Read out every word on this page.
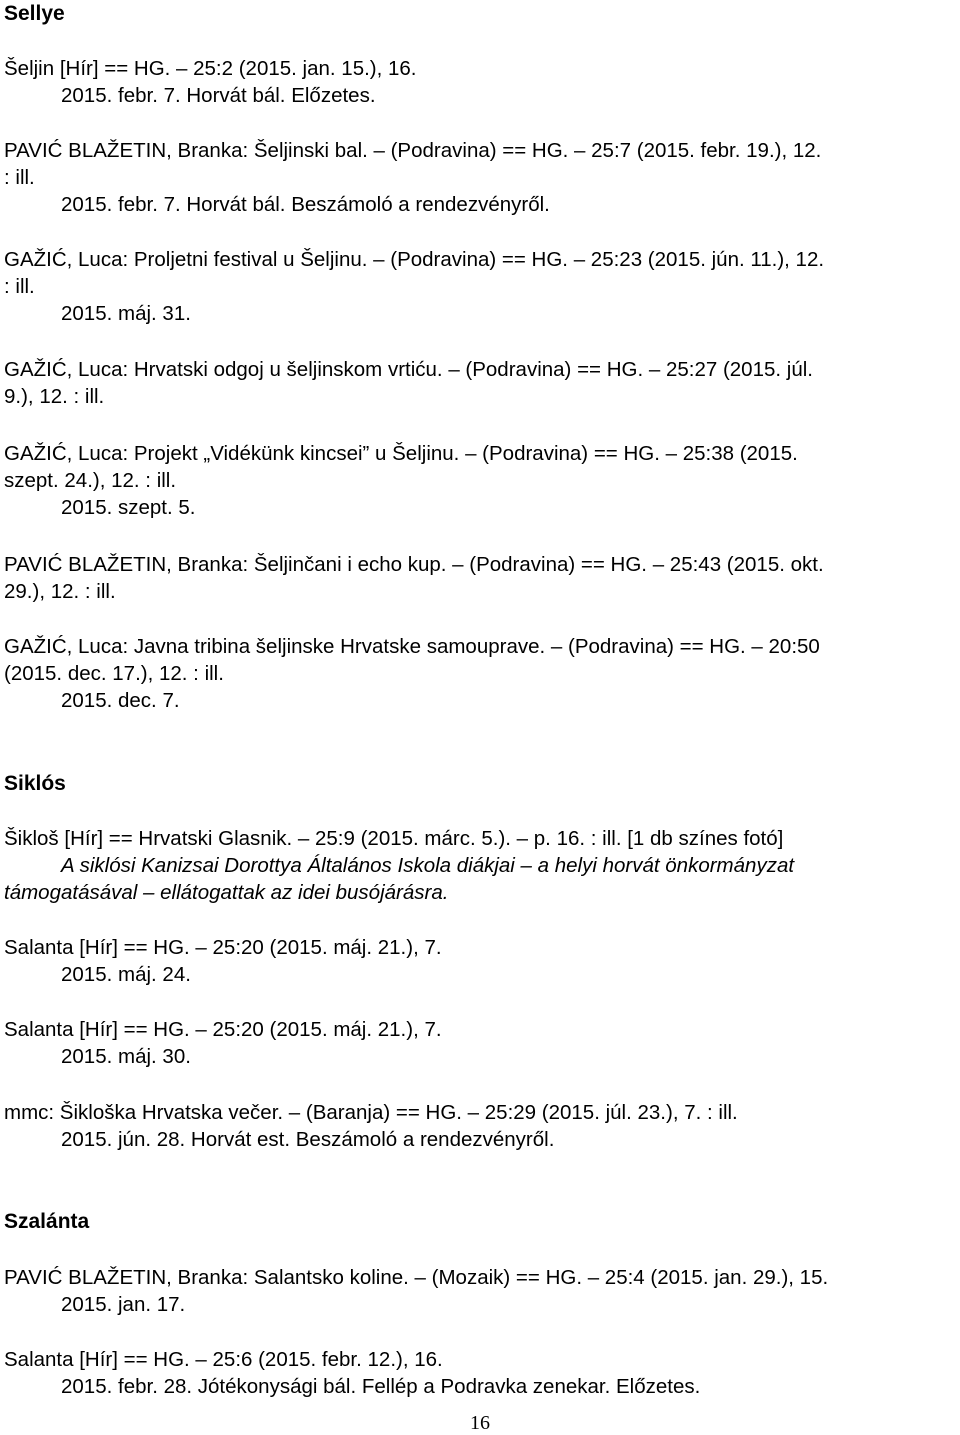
Sellye
Šeljin [Hír] == HG. – 25:2 (2015. jan. 15.), 16.
2015. febr. 7. Horvát bál. Előzetes.
PAVIĆ BLAŽETIN, Branka: Šeljinski bal. – (Podravina) == HG. – 25:7 (2015. febr. 19.), 12.
: ill.
2015. febr. 7. Horvát bál. Beszámoló a rendezvényről.
GAŽIĆ, Luca: Proljetni festival u Šeljinu. – (Podravina) == HG. – 25:23 (2015. jún. 11.), 12.
: ill.
2015. máj. 31.
GAŽIĆ, Luca: Hrvatski odgoj u šeljinskom vrtiću. – (Podravina) == HG. – 25:27 (2015. júl.
9.), 12. : ill.
GAŽIĆ, Luca: Projekt „Vidékünk kincsei” u Šeljinu. – (Podravina) == HG. – 25:38 (2015.
szept. 24.), 12. : ill.
2015. szept. 5.
PAVIĆ BLAŽETIN, Branka: Šeljinčani i echo kup. – (Podravina) == HG. – 25:43 (2015. okt.
29.), 12. : ill.
GAŽIĆ, Luca: Javna tribina šeljinske Hrvatske samouprave. – (Podravina) == HG. – 20:50
(2015. dec. 17.), 12. : ill.
2015. dec. 7.
Siklós
Šikloš [Hír] == Hrvatski Glasnik. – 25:9 (2015. márc. 5.). – p. 16. : ill. [1 db színes fotó]
A siklósi Kanizsai Dorottya Általános Iskola diákjai – a helyi horvát önkormányzat
támogatásával – ellátogattak az idei busójárásra.
Salanta [Hír] == HG. – 25:20 (2015. máj. 21.), 7.
2015. máj. 24.
Salanta [Hír] == HG. – 25:20 (2015. máj. 21.), 7.
2015. máj. 30.
mmc: Šikloška Hrvatska večer. – (Baranja) == HG. – 25:29 (2015. júl. 23.), 7. : ill.
2015. jún. 28. Horvát est. Beszámoló a rendezvényről.
Szalánta
PAVIĆ BLAŽETIN, Branka: Salantsko koline. – (Mozaik) == HG. – 25:4 (2015. jan. 29.), 15.
2015. jan. 17.
Salanta [Hír] == HG. – 25:6 (2015. febr. 12.), 16.
2015. febr. 28. Jótékonysági bál. Fellép a Podravka zenekar. Előzetes.
16
